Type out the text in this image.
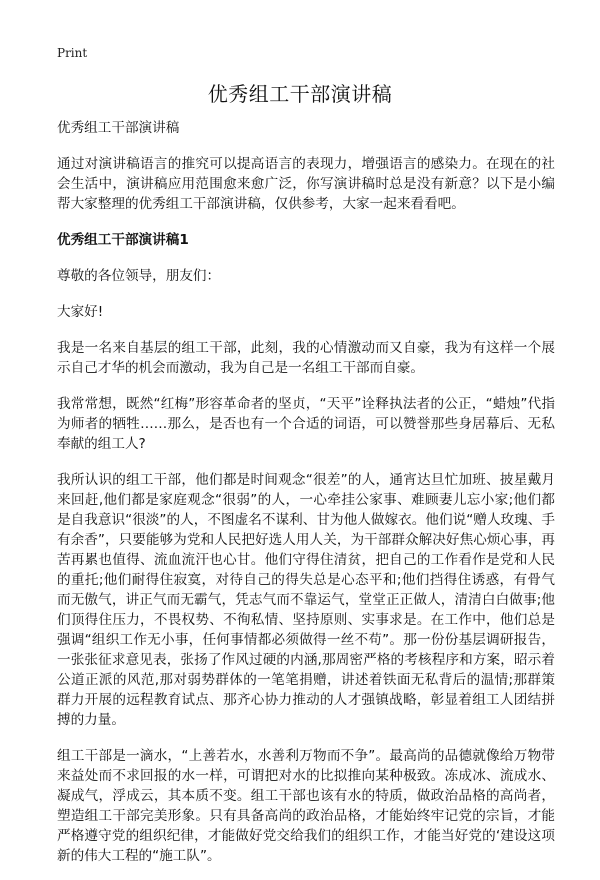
Print
优秀组工干部演讲稿

优秀组工干部演讲稿

通过对演讲稿语言的推究可以提高语言的表现力，增强语言的感染力。在现在的社会生活中，演讲稿应用范围愈来愈广泛，你写演讲稿时总是没有新意？以下是小编帮大家整理的优秀组工干部演讲稿，仅供参考，大家一起来看看吧。

优秀组工干部演讲稿1

尊敬的各位领导，朋友们：

大家好!

我是一名来自基层的组工干部，此刻，我的心情激动而又自豪，我为有这样一个展示自己才华的机会而激动，我为自己是一名组工干部而自豪。

我常常想，既然“红梅”形容革命者的坚贞，“天平”诠释执法者的公正，“蜡烛”代指为师者的牺牲……那么，是否也有一个合适的词语，可以赞誉那些身居幕后、无私奉献的组工人?

我所认识的组工干部，他们都是时间观念“很差”的人，通宵达旦忙加班、披星戴月来回赶,他们都是家庭观念“很弱”的人，一心牵挂公家事、难顾妻儿忘小家;他们都是自我意识“很淡”的人，不图虚名不谋利、甘为他人做嫁衣。他们说“赠人玫瑰、手有余香”，只要能够为党和人民把好选人用人关，为干部群众解决好焦心烦心事，再苦再累也值得、流血流汗也心甘。他们守得住清贫，把自己的工作看作是党和人民的重托;他们耐得住寂寞，对待自己的得失总是心态平和;他们挡得住诱惑，有骨气而无傲气，讲正气而无霸气，凭志气而不靠运气，堂堂正正做人，清清白白做事;他们顶得住压力，不畏权势、不徇私情、坚持原则、实事求是。在工作中，他们总是强调“组织工作无小事，任何事情都必须做得一丝不苟”。那一份份基层调研报告，一张张征求意见表，张扬了作风过硬的内涵,那周密严格的考核程序和方案，昭示着公道正派的风范,那对弱势群体的一笔笔捐赠，讲述着铁面无私背后的温情;那群策群力开展的远程教育试点、那齐心协力推动的人才强镇战略，彰显着组工人团结拼搏的力量。

组工干部是一滴水，“上善若水，水善利万物而不争”。最高尚的品德就像给万物带来益处而不求回报的水一样，可谓把对水的比拟推向某种极致。冻成冰、流成水、凝成气，浮成云，其本质不变。组工干部也该有水的特质，做政治品格的高尚者，塑造组工干部完美形象。只有具备高尚的政治品格，才能始终牢记党的宗旨，才能严格遵守党的组织纪律，才能做好党交给我们的组织工作，才能当好党的‘建设这项新的伟大工程的“施工队”。
